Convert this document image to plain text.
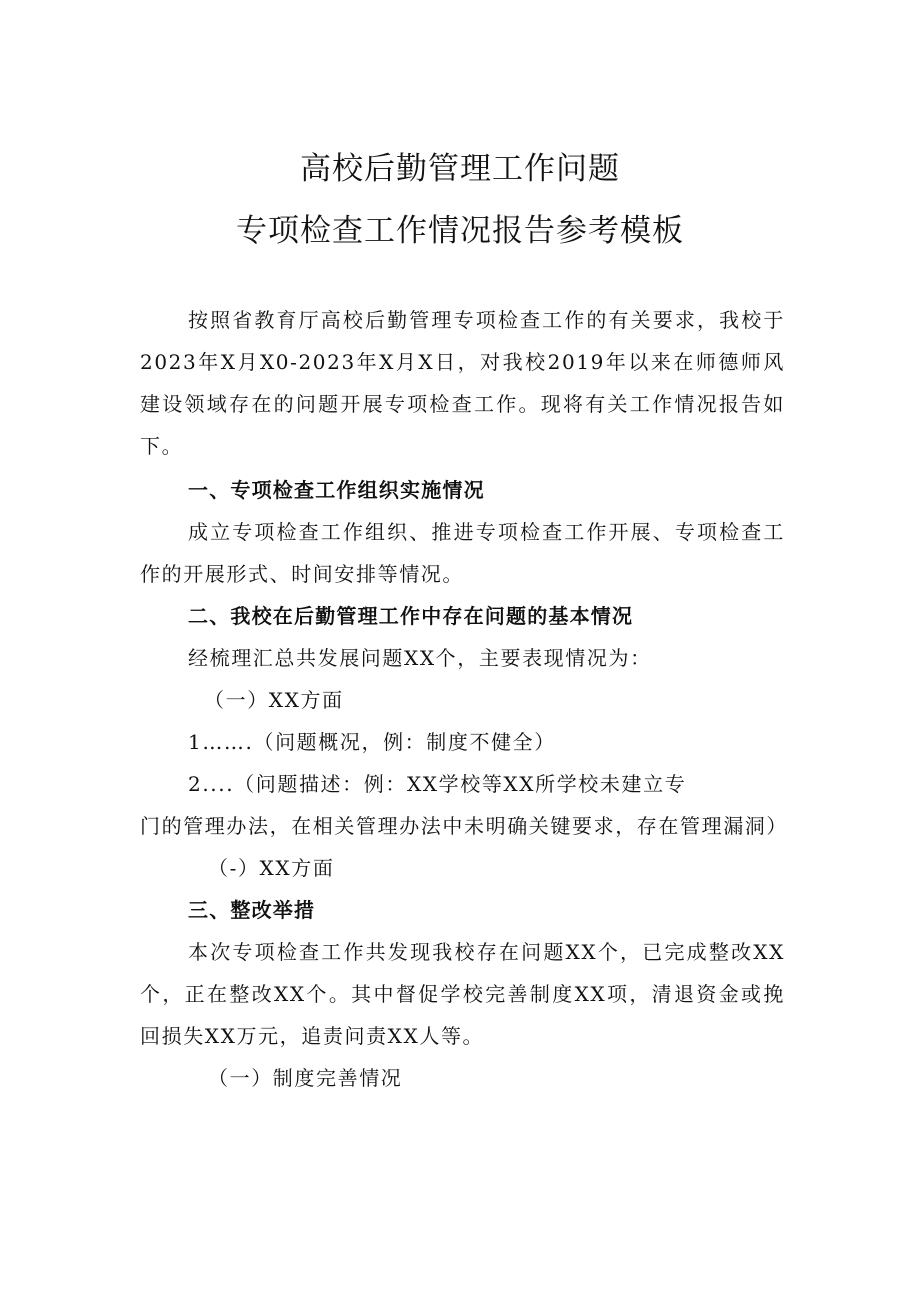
高校后勤管理工作问题
专项检查工作情况报告参考模板

按照省教育厅高校后勤管理专项检查工作的有关要求，我校于2023年X月X0-2023年X月X日，对我校2019年以来在师德师风建设领域存在的问题开展专项检查工作。现将有关工作情况报告如下。

一、专项检查工作组织实施情况

成立专项检查工作组织、推进专项检查工作开展、专项检查工作的开展形式、时间安排等情况。

二、我校在后勤管理工作中存在问题的基本情况

经梳理汇总共发展问题XX个，主要表现情况为：

（一）XX方面

1…….（问题概况，例：制度不健全）

2....（问题描述：例：XX学校等XX所学校未建立专

门的管理办法，在相关管理办法中未明确关键要求，存在管理漏洞）

（-）XX方面

三、整改举措

本次专项检查工作共发现我校存在问题XX个，已完成整改XX个，正在整改XX个。其中督促学校完善制度XX项，清退资金或挽回损失XX万元，追责问责XX人等。

（一）制度完善情况
